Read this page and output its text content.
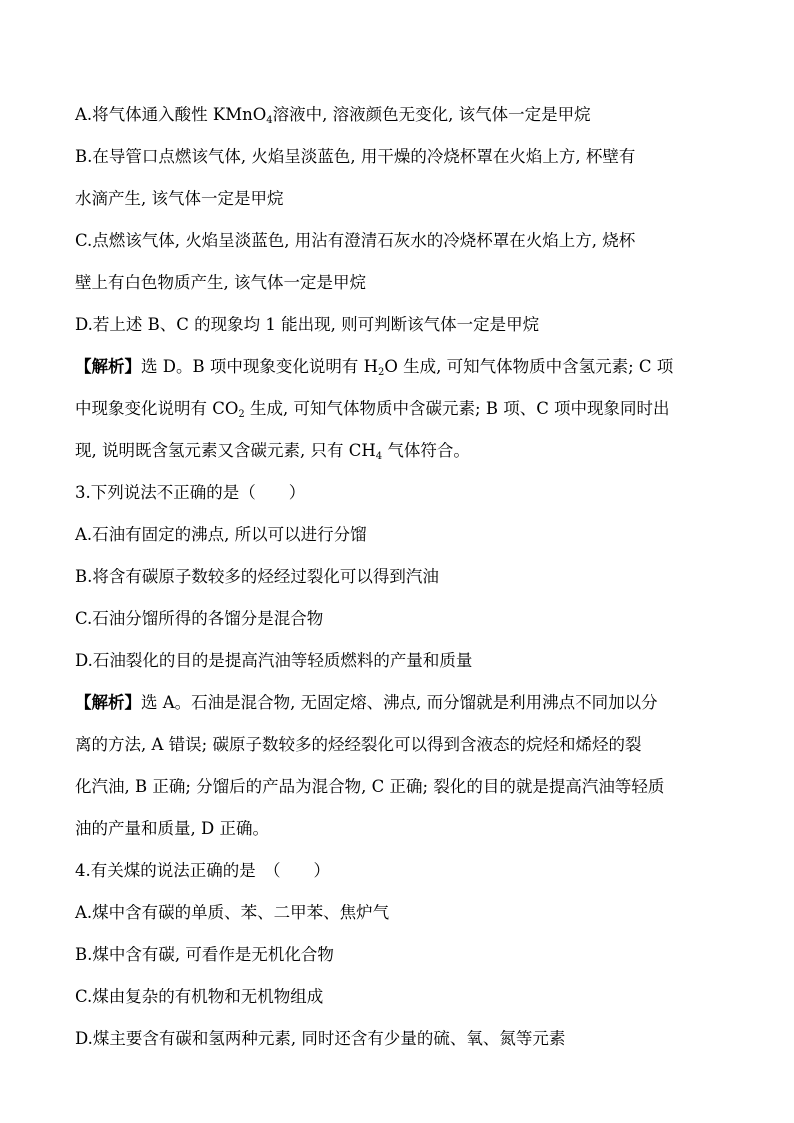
A.将气体通入酸性 KMnO$_4$溶液中, 溶液颜色无变化, 该气体一定是甲烷
B.在导管口点燃该气体, 火焰呈淡蓝色, 用干燥的冷烧杯罩在火焰上方, 杯壁有
水滴产生, 该气体一定是甲烷
C.点燃该气体, 火焰呈淡蓝色, 用沾有澄清石灰水的冷烧杯罩在火焰上方, 烧杯
壁上有白色物质产生, 该气体一定是甲烷
D.若上述 B、C 的现象均 1 能出现, 则可判断该气体一定是甲烷
【解析】选 D。B 项中现象变化说明有 $H_2O$ 生成, 可知气体物质中含氢元素; C 项
中现象变化说明有 $CO_2$ 生成, 可知气体物质中含碳元素; B 项、C 项中现象同时出
现, 说明既含氢元素又含碳元素, 只有 $CH_4$ 气体符合。
3.下列说法不正确的是（　　）
A.石油有固定的沸点, 所以可以进行分馏
B.将含有碳原子数较多的烃经过裂化可以得到汽油
C.石油分馏所得的各馏分是混合物
D.石油裂化的目的是提高汽油等轻质燃料的产量和质量
【解析】选 A。石油是混合物, 无固定熔、沸点, 而分馏就是利用沸点不同加以分
离的方法, A 错误; 碳原子数较多的烃经裂化可以得到含液态的烷烃和烯烃的裂
化汽油, B 正确; 分馏后的产品为混合物, C 正确; 裂化的目的就是提高汽油等轻质
油的产量和质量, D 正确。
4.有关煤的说法正确的是　（　　）
A.煤中含有碳的单质、苯、二甲苯、焦炉气
B.煤中含有碳, 可看作是无机化合物
C.煤由复杂的有机物和无机物组成
D.煤主要含有碳和氢两种元素, 同时还含有少量的硫、氧、氮等元素
